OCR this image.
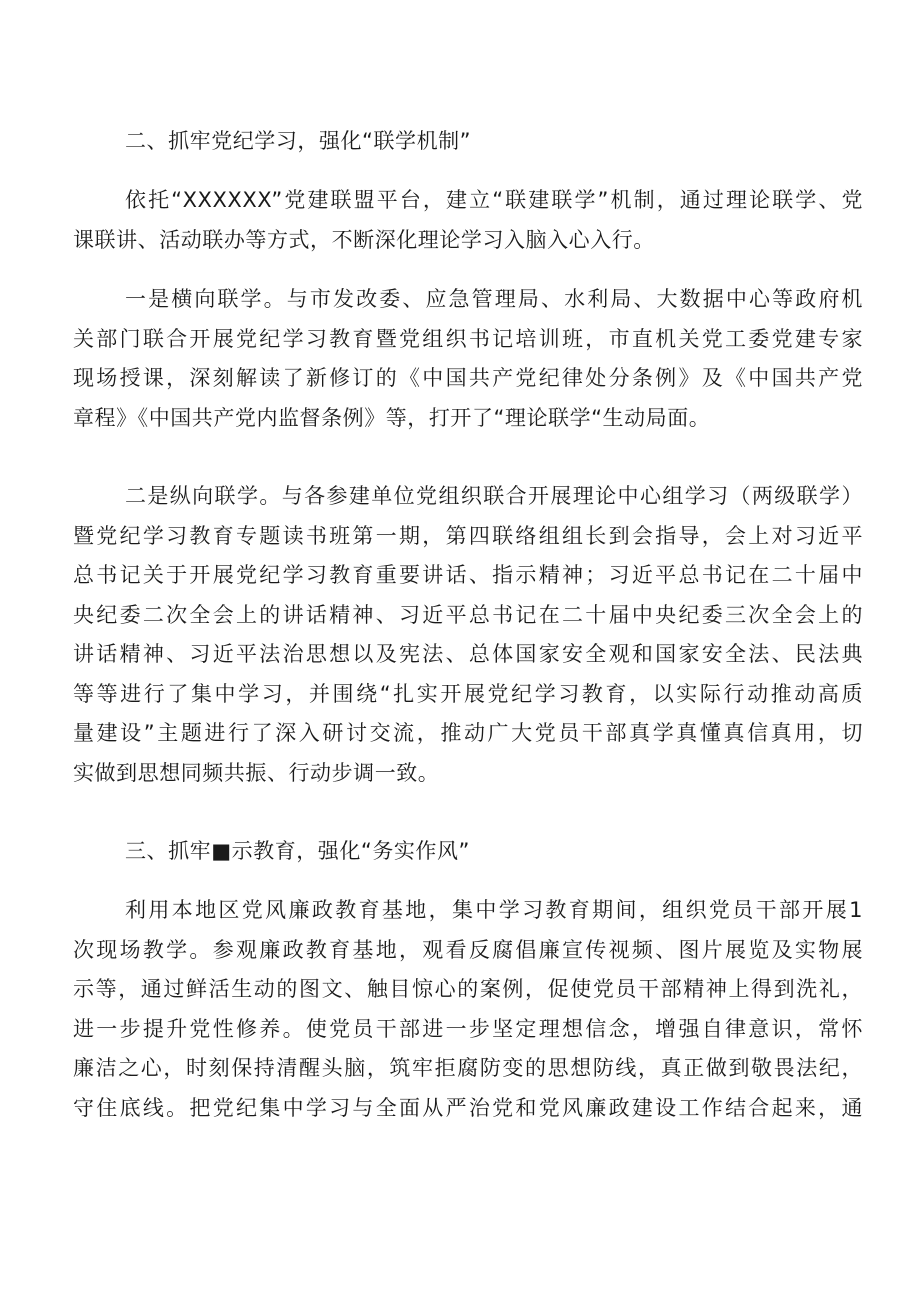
二、抓牢党纪学习，强化“联学机制”

依托“XXXXXX”党建联盟平台，建立“联建联学”机制，通过理论联学、党
课联讲、活动联办等方式，不断深化理论学习入脑入心入行。

一是横向联学。与市发改委、应急管理局、水利局、大数据中心等政府机
关部门联合开展党纪学习教育暨党组织书记培训班，市直机关党工委党建专家
现场授课，深刻解读了新修订的《中国共产党纪律处分条例》及《中国共产党
章程》《中国共产党内监督条例》等，打开了“理论联学“生动局面。

二是纵向联学。与各参建单位党组织联合开展理论中心组学习（两级联学）
暨党纪学习教育专题读书班第一期，第四联络组组长到会指导，会上对习近平
总书记关于开展党纪学习教育重要讲话、指示精神；习近平总书记在二十届中
央纪委二次全会上的讲话精神、习近平总书记在二十届中央纪委三次全会上的
讲话精神、习近平法治思想以及宪法、总体国家安全观和国家安全法、民法典
等等进行了集中学习，并围绕“扎实开展党纪学习教育，以实际行动推动高质
量建设”主题进行了深入研讨交流，推动广大党员干部真学真懂真信真用，切
实做到思想同频共振、行动步调一致。

三、抓牢■示教育，强化“务实作风”

利用本地区党风廉政教育基地，集中学习教育期间，组织党员干部开展1
次现场教学。参观廉政教育基地，观看反腐倡廉宣传视频、图片展览及实物展
示等，通过鲜活生动的图文、触目惊心的案例，促使党员干部精神上得到洗礼，
进一步提升党性修养。使党员干部进一步坚定理想信念，增强自律意识，常怀
廉洁之心，时刻保持清醒头脑，筑牢拒腐防变的思想防线，真正做到敬畏法纪，
守住底线。把党纪集中学习与全面从严治党和党风廉政建设工作结合起来，通
